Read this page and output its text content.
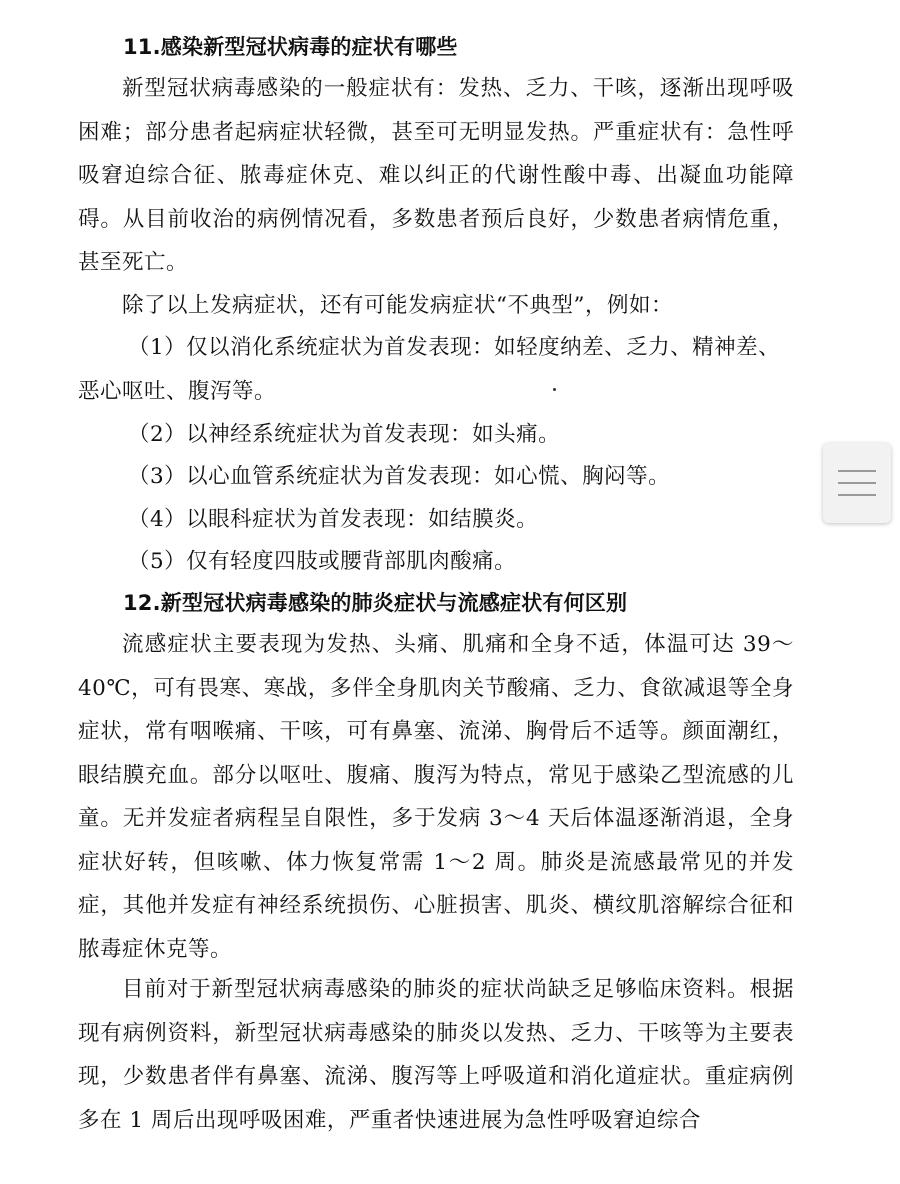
11.感染新型冠状病毒的症状有哪些
新型冠状病毒感染的一般症状有：发热、乏力、干咳，逐渐出现呼吸困难；部分患者起病症状轻微，甚至可无明显发热。严重症状有：急性呼吸窘迫综合征、脓毒症休克、难以纠正的代谢性酸中毒、出凝血功能障碍。从目前收治的病例情况看，多数患者预后良好，少数患者病情危重，甚至死亡。
除了以上发病症状，还有可能发病症状“不典型”，例如：
（1）仅以消化系统症状为首发表现：如轻度纳差、乏力、精神差、恶心呕吐、腹泻等。
（2）以神经系统症状为首发表现：如头痛。
（3）以心血管系统症状为首发表现：如心慌、胸闷等。
（4）以眼科症状为首发表现：如结膜炎。
（5）仅有轻度四肢或腰背部肌肉酸痛。
12.新型冠状病毒感染的肺炎症状与流感症状有何区别
流感症状主要表现为发热、头痛、肌痛和全身不适，体温可达 39～40℃，可有畏寒、寒战，多伴全身肌肉关节酸痛、乏力、食欲减退等全身症状，常有咽喉痛、干咳，可有鼻塞、流涕、胸骨后不适等。颜面潮红，眼结膜充血。部分以呕吐、腹痛、腹泻为特点，常见于感染乙型流感的儿童。无并发症者病程呈自限性，多于发病 3～4 天后体温逐渐消退，全身症状好转，但咳嗽、体力恢复常需 1～2 周。肺炎是流感最常见的并发症，其他并发症有神经系统损伤、心脏损害、肌炎、横纹肌溶解综合征和脓毒症休克等。
目前对于新型冠状病毒感染的肺炎的症状尚缺乏足够临床资料。根据现有病例资料，新型冠状病毒感染的肺炎以发热、乏力、干咳等为主要表现，少数患者伴有鼻塞、流涕、腹泻等上呼吸道和消化道症状。重症病例多在 1 周后出现呼吸困难，严重者快速进展为急性呼吸窘迫综合
